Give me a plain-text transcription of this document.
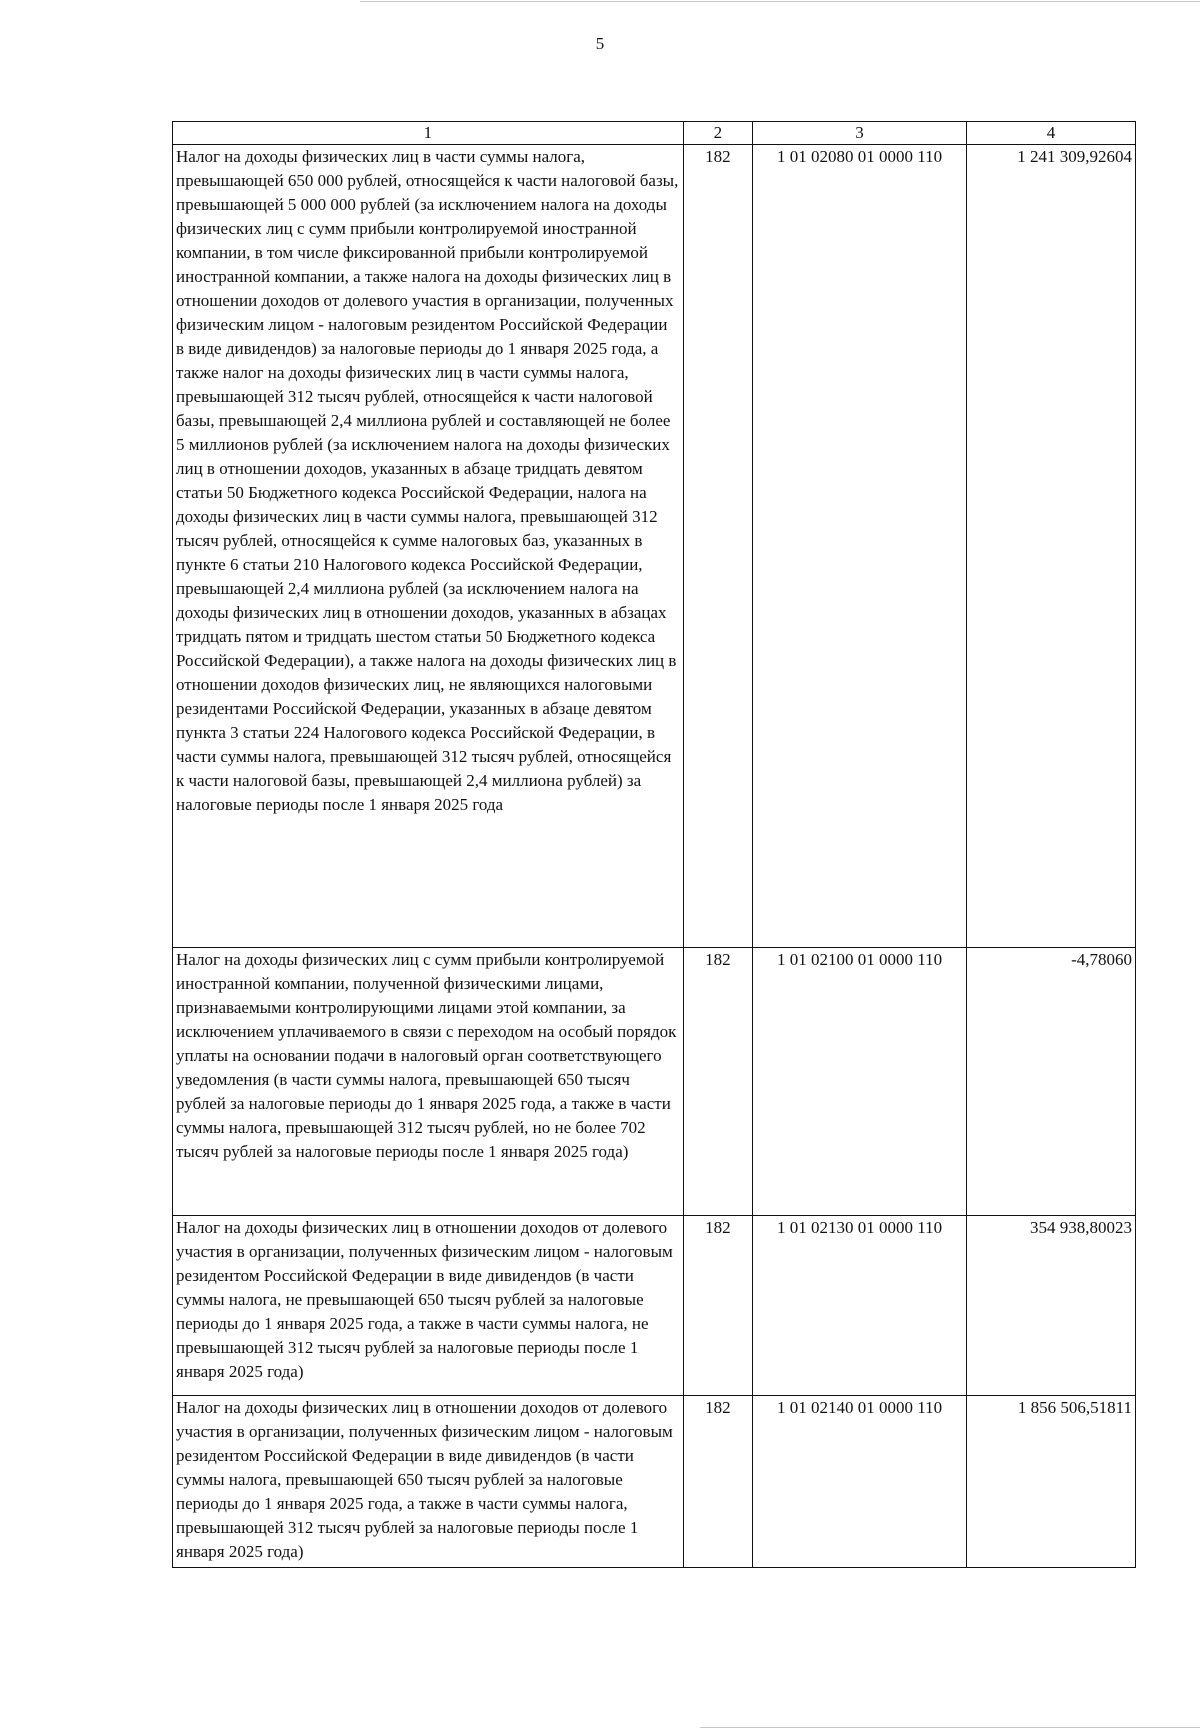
5
1	2	3	4
Налог на доходы физических лиц в части суммы налога, превышающей 650 000 рублей, относящейся к части налоговой базы, превышающей 5 000 000 рублей (за исключением налога на доходы физических лиц с сумм прибыли контролируемой иностранной компании, в том числе фиксированной прибыли контролируемой иностранной компании, а также налога на доходы физических лиц в отношении доходов от долевого участия в организации, полученных физическим лицом - налоговым резидентом Российской Федерации в виде дивидендов) за налоговые периоды до 1 января 2025 года, а также налог на доходы физических лиц в части суммы налога, превышающей 312 тысяч рублей, относящейся к части налоговой базы, превышающей 2,4 миллиона рублей и составляющей не более 5 миллионов рублей (за исключением налога на доходы физических лиц в отношении доходов, указанных в абзаце тридцать девятом статьи 50 Бюджетного кодекса Российской Федерации, налога на доходы физических лиц в части суммы налога, превышающей 312 тысяч рублей, относящейся к сумме налоговых баз, указанных в пункте 6 статьи 210 Налогового кодекса Российской Федерации, превышающей 2,4 миллиона рублей (за исключением налога на доходы физических лиц в отношении доходов, указанных в абзацах тридцать пятом и тридцать шестом статьи 50 Бюджетного кодекса Российской Федерации), а также налога на доходы физических лиц в отношении доходов физических лиц, не являющихся налоговыми резидентами Российской Федерации, указанных в абзаце девятом пункта 3 статьи 224 Налогового кодекса Российской Федерации, в части суммы налога, превышающей 312 тысяч рублей, относящейся к части налоговой базы, превышающей 2,4 миллиона рублей) за налоговые периоды после 1 января 2025 года	182	1 01 02080 01 0000 110	1 241 309,92604
Налог на доходы физических лиц с сумм прибыли контролируемой иностранной компании, полученной физическими лицами, признаваемыми контролирующими лицами этой компании, за исключением уплачиваемого в связи с переходом на особый порядок уплаты на основании подачи в налоговый орган соответствующего уведомления (в части суммы налога, превышающей 650 тысяч рублей за налоговые периоды до 1 января 2025 года, а также в части суммы налога, превышающей 312 тысяч рублей, но не более 702 тысяч рублей за налоговые периоды после 1 января 2025 года)	182	1 01 02100 01 0000 110	-4,78060
Налог на доходы физических лиц в отношении доходов от долевого участия в организации, полученных физическим лицом - налоговым резидентом Российской Федерации в виде дивидендов (в части суммы налога, не превышающей 650 тысяч рублей за налоговые периоды до 1 января 2025 года, а также в части суммы налога, не превышающей 312 тысяч рублей за налоговые периоды после 1 января 2025 года)	182	1 01 02130 01 0000 110	354 938,80023
Налог на доходы физических лиц в отношении доходов от долевого участия в организации, полученных физическим лицом - налоговым резидентом Российской Федерации в виде дивидендов (в части суммы налога, превышающей 650 тысяч рублей за налоговые периоды до 1 января 2025 года, а также в части суммы налога, превышающей 312 тысяч рублей за налоговые периоды после 1 января 2025 года)	182	1 01 02140 01 0000 110	1 856 506,51811
